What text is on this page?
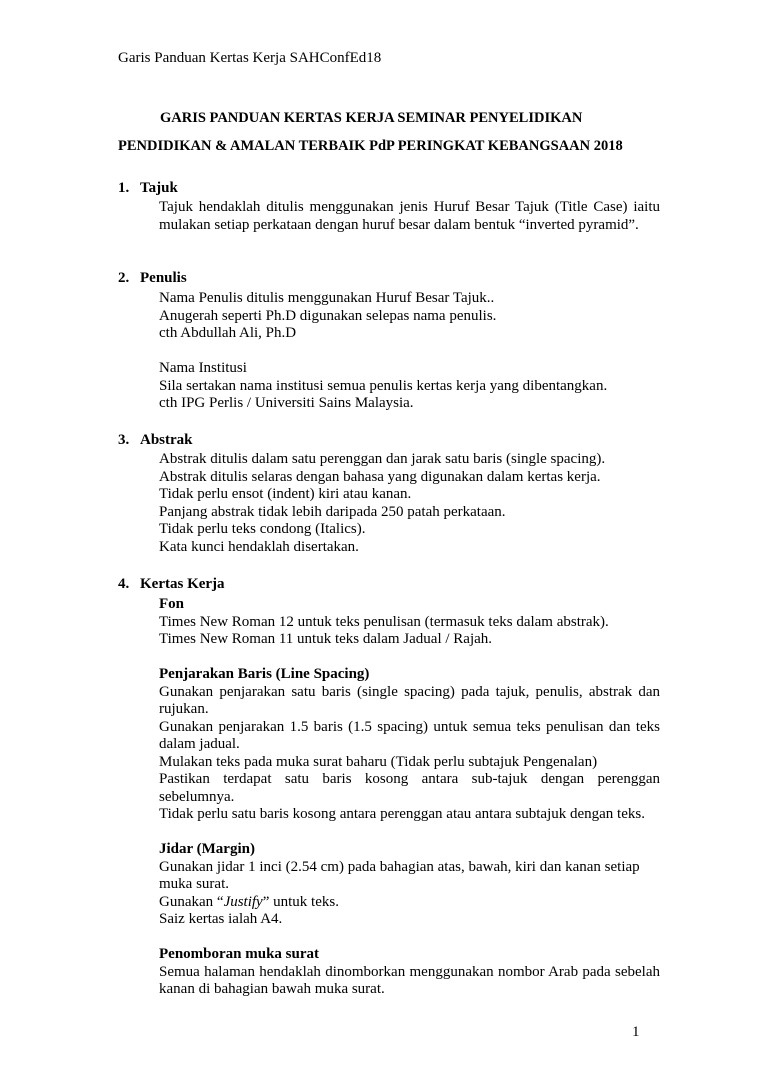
Garis Panduan Kertas Kerja SAHConfEd18
GARIS PANDUAN KERTAS KERJA SEMINAR PENYELIDIKAN
PENDIDIKAN & AMALAN TERBAIK PdP PERINGKAT KEBANGSAAN 2018
1. Tajuk
Tajuk hendaklah ditulis menggunakan jenis Huruf Besar Tajuk (Title Case) iaitu mulakan setiap perkataan dengan huruf besar dalam bentuk “inverted pyramid”.
2. Penulis
Nama Penulis ditulis menggunakan Huruf Besar Tajuk..
Anugerah seperti Ph.D digunakan selepas nama penulis.
cth Abdullah Ali, Ph.D
Nama Institusi
Sila sertakan nama institusi semua penulis kertas kerja yang dibentangkan.
cth IPG Perlis / Universiti Sains Malaysia.
3. Abstrak
Abstrak ditulis dalam satu perenggan dan jarak satu baris (single spacing).
Abstrak ditulis selaras dengan bahasa yang digunakan dalam kertas kerja.
Tidak perlu ensot (indent) kiri atau kanan.
Panjang abstrak tidak lebih daripada 250 patah perkataan.
Tidak perlu teks condong (Italics).
Kata kunci hendaklah disertakan.
4. Kertas Kerja
Fon
Times New Roman 12 untuk teks penulisan (termasuk teks dalam abstrak).
Times New Roman 11 untuk teks dalam Jadual / Rajah.
Penjarakan Baris (Line Spacing)
Gunakan penjarakan satu baris (single spacing) pada tajuk, penulis, abstrak dan rujukan.
Gunakan penjarakan 1.5 baris (1.5 spacing) untuk semua teks penulisan dan teks dalam jadual.
Mulakan teks pada muka surat baharu (Tidak perlu subtajuk Pengenalan)
Pastikan terdapat satu baris kosong antara sub-tajuk dengan perenggan sebelumnya.
Tidak perlu satu baris kosong antara perenggan atau antara subtajuk dengan teks.
Jidar (Margin)
Gunakan jidar 1 inci (2.54 cm) pada bahagian atas, bawah, kiri dan kanan setiap muka surat.
Gunakan “Justify” untuk teks.
Saiz kertas ialah A4.
Penomboran muka surat
Semua halaman hendaklah dinomborkan menggunakan nombor Arab pada sebelah kanan di bahagian bawah muka surat.
1
